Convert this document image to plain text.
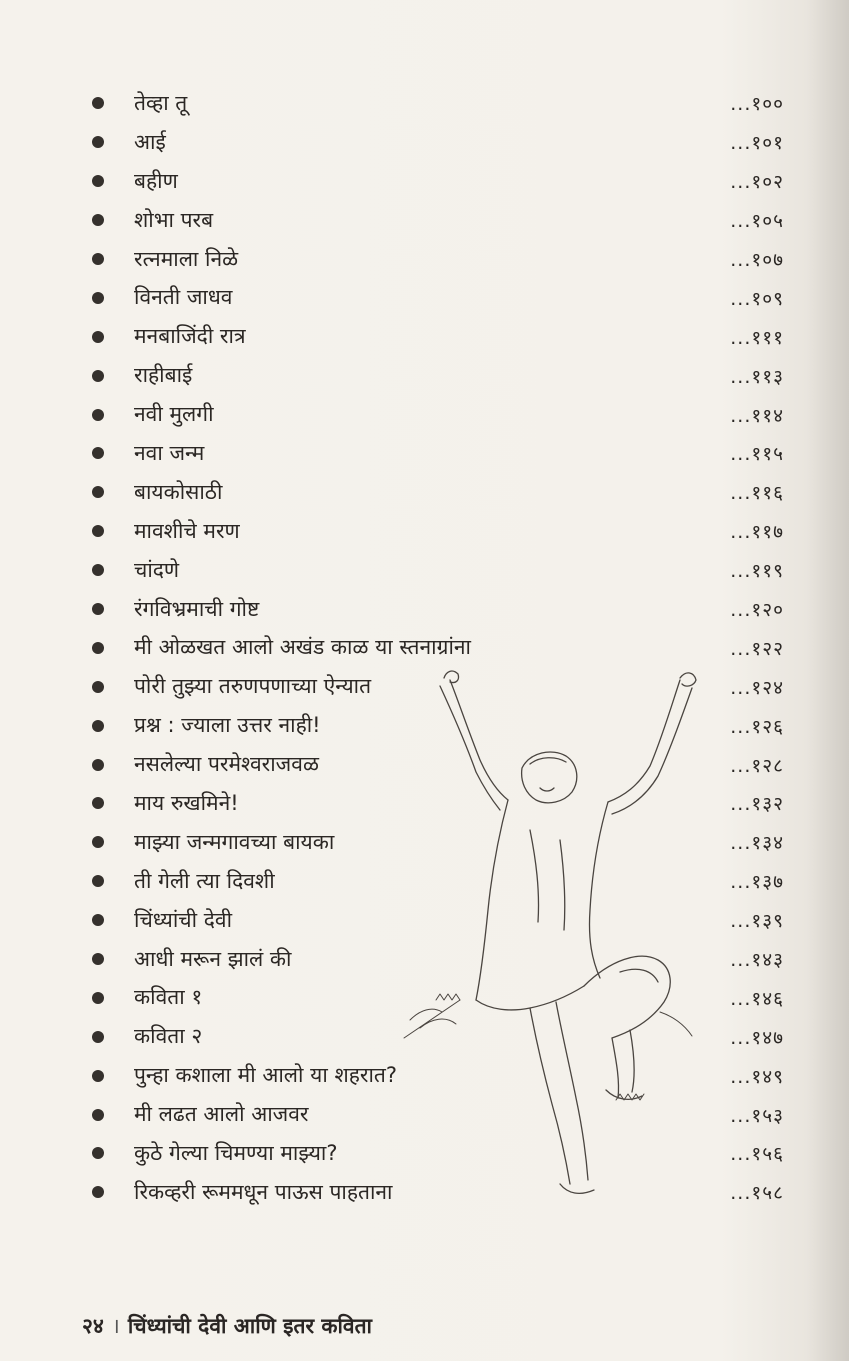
तेव्हा तू	...१००
आई	...१०१
बहीण	...१०२
शोभा परब	...१०५
रत्नमाला निळे	...१०७
विनती जाधव	...१०९
मनबाजिंदी रात्र	...१११
राहीबाई	...११३
नवी मुलगी	...११४
नवा जन्म	...११५
बायकोसाठी	...११६
मावशीचे मरण	...११७
चांदणे	...११९
रंगविभ्रमाची गोष्ट	...१२०
मी ओळखत आलो अखंड काळ या स्तनाग्रांना	...१२२
पोरी तुझ्या तरुणपणाच्या ऐन्यात	...१२४
प्रश्न : ज्याला उत्तर नाही!	...१२६
नसलेल्या परमेश्वराजवळ	...१२८
माय रुखमिने!	...१३२
माझ्या जन्मगावच्या बायका	...१३४
ती गेली त्या दिवशी	...१३७
चिंध्यांची देवी	...१३९
आधी मरून झालं की	...१४३
कविता १	...१४६
कविता २	...१४७
पुन्हा कशाला मी आलो या शहरात?	...१४९
मी लढत आलो आजवर	...१५३
कुठे गेल्या चिमण्या माझ्या?	...१५६
रिकव्हरी रूममधून पाऊस पाहताना	...१५८
२४ । चिंध्यांची देवी आणि इतर कविता
